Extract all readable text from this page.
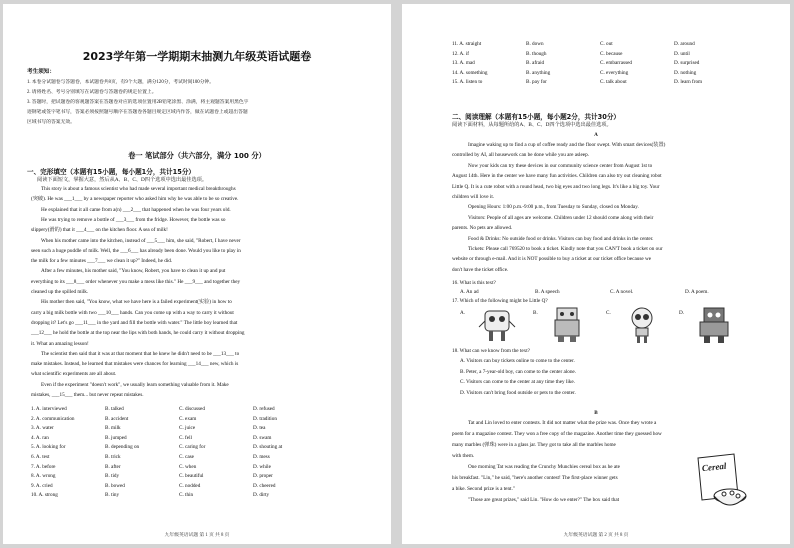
2023学年第一学期期末抽测九年级英语试题卷
考生须知：
1. 本卷分试题卷与答题卷，本试题卷共8页，有9个大题，满分120分，考试时间100分钟。
2. 请将姓名、考号分别填写在试题卷与答题卷的规定位置上。
3. 答题时，把试题卷的客观题答案在答题卷对应的选项位置用2B铅笔涂黑、涂满，将主观题答案用黑色字
迹钢笔或签字笔书写，答案必须按照题号顺序在答题卷各题目规定区域内作答，做在试题卷上或超出答题
区域书写的答案无效。
卷一 笔试部分（共六部分，满分 100 分）
一、完形填空（本题有15小题，每小题1分，共计15分）
阅读下面短文，掌握大意，然后从A、B、C、D四个选项中选出最佳选项。
This story is about a famous scientist who had made several important medical breakthroughs
(突破). He was ___1___ by a newspaper reporter who asked him why he was able to be so creative.
He explained that it all came from a(n) ___2___ that happened when he was four years old.
He was trying to remove a bottle of ___3___ from the fridge. However, the bottle was so
slippery(滑的) that it ___4___ on the kitchen floor. A sea of milk!
When his mother came into the kitchen, instead of ___5___ him, she said, "Robert, I have never
seen such a huge puddle of milk. Well, the ___6___ has already been done. Would you like to play in
the milk for a few minutes ___7___ we clean it up?" Indeed, he did.
After a few minutes, his mother said, "You know, Robert, you have to clean it up and put
everything to its ___8___ order whenever you make a mess like this." He ___9___ and together they
cleaned up the spilled milk.
His mother then said, "You know, what we have here is a failed experiment(实验) in how to
carry a big milk bottle with two ___10___ hands. Can you come up with a way to carry it without
dropping it? Let's go ___11___ in the yard and fill the bottle with water." The little boy learned that
___12___ he hold the bottle at the top near the lips with both hands, he could carry it without dropping
it. What an amazing lesson!
The scientist then said that it was at that moment that he knew he didn't need to be ___13___ to
make mistakes. Instead, he learned that mistakes were chances for learning ___14___ new, which is
what scientific experiments are all about.
Even if the experiment "doesn't work", we usually learn something valuable from it. Make
mistakes, ___15___ them... but never repeat mistakes.
1. A. interviewed	B. talked	C. discussed	D. refused
2. A. communication	B. accident	C. exam	D. tradition
3. A. water	B. milk	C. juice	D. tea
4. A. ran	B. jumped	C. fell	D. swam
5. A. looking for	B. depending on	C. caring for	D. shouting at
6. A. test	B. trick	C. case	D. mess
7. A. before	B. after	C. when	D. while
8. A. wrong	B. tidy	C. beautiful	D. proper
9. A. cried	B. bowed	C. nodded	D. cheered
10. A. strong	B. tiny	C. thin	D. dirty
九年级英语试题 第 1 页 共 8 页
11. A. straight	B. down	C. out	D. around
12. A. if	B. though	C. because	D. until
13. A. mad	B. afraid	C. embarrassed	D. surprised
14. A. something	B. anything	C. everything	D. nothing
15. A. listen to	B. pay for	C. talk about	D. learn from
二、阅读理解（本题有15小题，每小题2分，共计30分）
阅读下面材料，从每题所给的A、B、C、D四个选项中选出最佳选项。
A
Imagine waking up to find a cup of coffee ready and the floor swept. With smart devices(装置)
controlled by AI, all housework can be done while you are asleep.
Now your kids can try these devices in our community science center from August 1st to
August 14th. Here in the center we have many fun activities. Children can also try out cleaning robot
Little Q. It is a cute robot with a round head, two big eyes and two long legs. It's like a big toy. Your
children will love it.
Opening Hours: 1:00 p.m.-9:00 p.m., from Tuesday to Sunday, closed on Monday.
Visitors: People of all ages are welcome. Children under 12 should come along with their
parents. No pets are allowed.
Food & Drinks: No outside food or drinks. Visitors can buy food and drinks in the center.
Tickets: Please call 769520 to book a ticket. Kindly note that you CAN'T book a ticket on our
website or through e-mail. And it is NOT possible to buy a ticket at our ticket office because we
don't have the ticket office.
16. What is this text?
A. An ad	B. A speech	C. A novel.	D. A poem.
17. Which of the following might be Little Q?
A.	B.	C.	D.
18. What can we know from the text?
A. Visitors can buy tickets online to come to the center.
B. Peter, a 7-year-old boy, can come to the center alone.
C. Visitors can come to the center at any time they like.
D. Visitors can't bring food outside or pets to the center.
B
Tat and Lin loved to enter contests. It did not matter what the prize was. Once they wrote a
poem for a magazine contest. They won a free copy of the magazine. Another time they guessed how
many marbles (弹珠) were in a glass jar. They got to take all the marbles home
with them.
One morning Tat was reading the Crunchy Munchies cereal box as he ate
his breakfast. "Lin," he said, "here's another contest! The first-place winner gets
a bike. Second prize is a tent."
"Those are great prizes," said Lin. "How do we enter?" The box said that
Cereal
九年级英语试题 第 2 页 共 8 页
